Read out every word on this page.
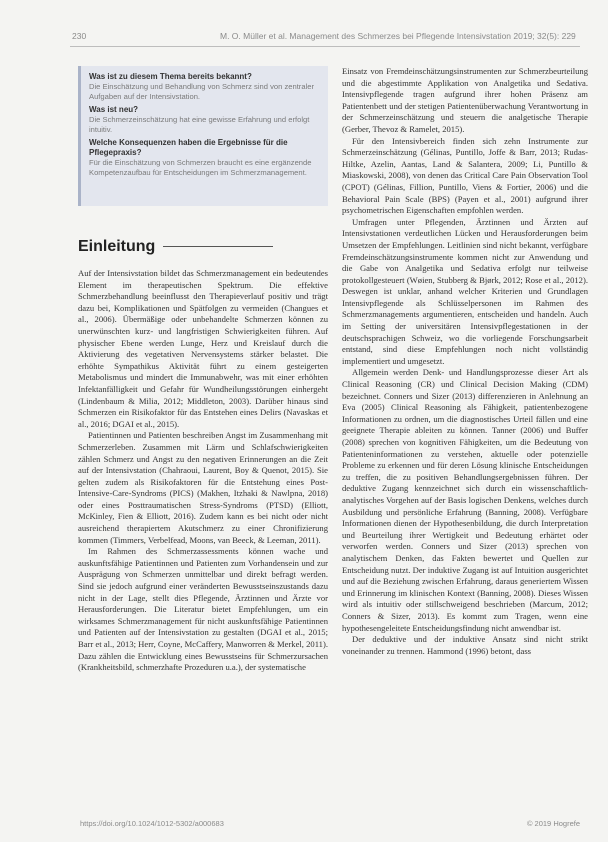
230	M. O. Müller et al. Management des Schmerzes bei Pflegende Intensivstation 2019; 32(5): 229
Was ist zu diesem Thema bereits bekannt?

Die Einschätzung und Behandlung von Schmerz sind von zentraler Aufgaben auf der Intensivstation.

Was ist neu?

Die Schmerzeinschätzung hat eine gewisse Erfahrung und erfolgt intuitiv.

Welche Konsequenzen haben die Ergebnisse für die Pflegepraxis?

Für die Einschätzung von Schmerzen braucht es eine ergänzende Kompetenzaufbau für Entscheidungen im Schmerzmanagement.

Einleitung

Auf der Intensivstation bildet das Schmerzmanagement ein bedeutendes Element im therapeutischen Spektrum. Die effektive Schmerzbehandlung beeinflusst den Therapieverlauf positiv und trägt dazu bei, Komplikationen und Spätfolgen zu vermeiden (Changues et al., 2006). Übermäßige oder unbehandelte Schmerzen können zu unerwünschten kurz- und langfristigen Schwierigkeiten führen. Auf physischer Ebene werden Lunge, Herz und Kreislauf durch die Aktivierung des vegetativen Nervensystems stärker belastet. Die erhöhte Sympathikus Aktivität führt zu einem gesteigerten Metabolismus und mindert die Immunabwehr, was mit einer erhöhten Infektanfälligkeit und Gefahr für Wundheilungsstörungen einhergeht (Lindenbaum & Milia, 2012; Middleton, 2003). Darüber hinaus sind Schmerzen ein Risikofaktor für das Entstehen eines Delirs (Navaskas et al., 2016; DGAI et al., 2015).

Patientinnen und Patienten beschreiben Angst im Zusammenhang mit Schmerzerleben. Zusammen mit Lärm und Schlafschwierigkeiten zählen Schmerz und Angst zu den negativen Erinnerungen an die Zeit auf der Intensivstation (Chahraoui, Laurent, Boy & Quenot, 2015). Sie gelten zudem als Risikofaktoren für die Entstehung eines Post-Intensive-Care-Syndroms (PICS) (Makhen, Itzhaki & Nawlpna, 2018) oder eines Posttraumatischen Stress-Syndroms (PTSD) (Elliott, McKinley, Fien & Elliott, 2016). Zudem kann es bei nicht oder nicht ausreichend therapiertem Akutschmerz zu einer Chronifizierung kommen (Timmers, Verbelfead, Moons, van Beeck, & Leeman, 2011).

Im Rahmen des Schmerzassessments können wache und auskunftsfähige Patientinnen und Patienten zum Vorhandensein und zur Ausprägung von Schmerzen unmittelbar und direkt befragt werden. Sind sie jedoch aufgrund einer veränderten Bewusstseinszustands dazu nicht in der Lage, stellt dies Pflegende, Ärztinnen und Ärzte vor Herausforderungen. Die Literatur bietet Empfehlungen, um ein wirksames Schmerzmanagement für nicht auskunftsfähige Patientinnen und Patienten auf der Intensivstation zu gestalten (DGAI et al., 2015; Barr et al., 2013; Herr, Coyne, McCaffery, Manworren & Merkel, 2011). Dazu zählen die Entwicklung eines Bewusstseins für Schmerzursachen (Krankheitsbild, schmerzhafte Prozeduren u.a.), der systematische

Einsatz von Fremdeinschätzungsinstrumenten zur Schmerzbeurteilung und die abgestimmte Applikation von Analgetika und Sedativa. Intensivpflegende tragen aufgrund ihrer hohen Präsenz am Patientenbett und der stetigen Patientenüberwachung Verantwortung in der Schmerzeinschätzung und steuern die analgetische Therapie (Gerber, Thevoz & Ramelet, 2015).

Für den Intensivbereich finden sich zehn Instrumente zur Schmerzeinschätzung (Gélinas, Puntillo, Joffe & Barr, 2013; Rudas-Hiltke, Azelin, Aantas, Land & Salantera, 2009; Li, Puntillo & Miaskowski, 2008), von denen das Critical Care Pain Observation Tool (CPOT) (Gélinas, Fillion, Puntillo, Viens & Fortier, 2006) und die Behavioral Pain Scale (BPS) (Payen et al., 2001) aufgrund ihrer psychometrischen Eigenschaften empfohlen werden.

Umfragen unter Pflegenden, Ärztinnen und Ärzten auf Intensivstationen verdeutlichen Lücken und Herausforderungen beim Umsetzen der Empfehlungen. Leitlinien sind nicht bekannt, verfügbare Fremdeinschätzungsinstrumente kommen nicht zur Anwendung und die Gabe von Analgetika und Sedativa erfolgt nur teilweise protokollgesteuert (Wøien, Stubberg & Bjørk, 2012; Rose et al., 2012). Deswegen ist unklar, anhand welcher Kriterien und Grundlagen Intensivpflegende als Schlüsselpersonen im Rahmen des Schmerzmanagements argumentieren, entscheiden und handeln. Auch im Setting der universitären Intensivpflegestationen in der deutschsprachigen Schweiz, wo die vorliegende Forschungsarbeit entstand, sind diese Empfehlungen noch nicht vollständig implementiert und umgesetzt.

Allgemein werden Denk- und Handlungsprozesse dieser Art als Clinical Reasoning (CR) und Clinical Decision Making (CDM) bezeichnet. Conners und Sizer (2013) differenzieren in Anlehnung an Eva (2005) Clinical Reasoning als Fähigkeit, patientenbezogene Informationen zu ordnen, um die diagnostisches Urteil fällen und eine geeignete Therapie ableiten zu können. Tanner (2006) und Buffer (2008) sprechen von kognitiven Fähigkeiten, um die Bedeutung von Patienteninformationen zu verstehen, aktuelle oder potenzielle Probleme zu erkennen und für deren Lösung klinische Entscheidungen zu treffen, die zu positiven Behandlungsergebnissen führen. Der deduktive Zugang kennzeichnet sich durch ein wissenschaftlich-analytisches Vorgehen auf der Basis logischen Denkens, welches durch Ausbildung und persönliche Erfahrung (Banning, 2008). Verfügbare Informationen dienen der Hypothesenbildung, die durch Interpretation und Beurteilung ihrer Wertigkeit und Bedeutung erhärtet oder verworfen werden. Conners und Sizer (2013) sprechen von analytischem Denken, das Fakten bewertet und Quellen zur Entscheidung nutzt. Der induktive Zugang ist auf Intuition ausgerichtet und auf die Beziehung zwischen Erfahrung, daraus generiertem Wissen und Erinnerung im klinischen Kontext (Banning, 2008). Dieses Wissen wird als intuitiv oder stillschweigend beschrieben (Marcum, 2012; Conners & Sizer, 2013). Es kommt zum Tragen, wenn eine hypothesengeleitete Entscheidungsfindung nicht anwendbar ist.

Der deduktive und der induktive Ansatz sind nicht strikt voneinander zu trennen. Hammond (1996) betont, dass

https://doi.org/10.1024/1012-5302/a000683	© 2019 Hogrefe
